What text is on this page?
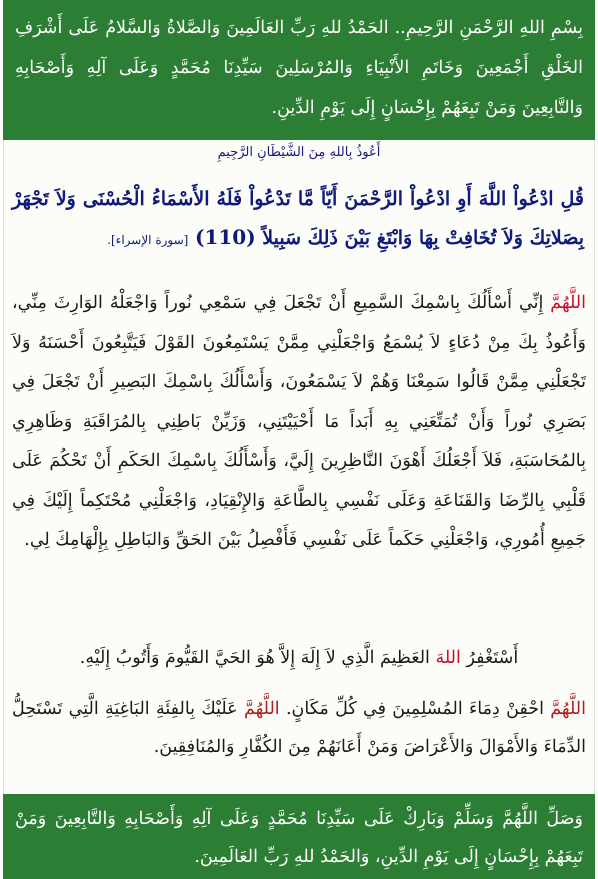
بِسْمِ اللهِ الرَّحْمَنِ الرَّحِيمِ.. الحَمْدُ للهِ رَبِّ العَالَمِينَ وَالصَّلاةُ وَالسَّلامُ عَلَى أَشْرَفِ الخَلْقِ أَجْمَعِينَ وَخَاتَمِ الأَنْبِيَاءِ وَالمُرْسَلِينَ سَيِّدِنَا مُحَمَّدٍ وَعَلَى آلِهِ وَأَصْحَابِهِ وَالتَّابِعِينَ وَمَنْ تَبِعَهُمْ بِإِحْسَانٍ إِلَى يَوْمِ الدِّينِ.

أَعُوذُ بِاللهِ مِنَ الشَّيْطَانِ الرَّجِيمِ
قُلِ ادْعُواْ اللَّهَ أَوِ ادْعُواْ الرَّحْمَنَ أَيّاً مَّا تَدْعُواْ فَلَهُ الأَسْمَاءُ الْحُسْنَى وَلاَ تَجْهَرْ بِصَلاتِكَ وَلاَ تُخَافِتْ بِهَا وَابْتَغِ بَيْنَ ذَلِكَ سَبِيلاً (110) [سورة الإسراء].
اللَّهُمَّ إِنِّي أَسْأَلُكَ بِاسْمِكَ السَّمِيعِ أَنْ تَجْعَلَ فِي سَمْعِي نُوراً وَاجْعَلْهُ الوَارِثَ مِنِّي، وَأَعُوذُ بِكَ مِنْ دُعَاءٍ لاَ يُسْمَعُ وَاجْعَلْنِي مِمَّنْ يَسْتَمِعُونَ القَوْلَ فَيَتَّبِعُونَ أَحْسَنَهُ وَلاَ تَجْعَلْنِي مِمَّنْ قَالُوا سَمِعْنَا وَهُمْ لاَ يَسْمَعُونَ، وَأَسْأَلُكَ بِاسْمِكَ البَصِيرِ أَنْ تَجْعَلَ فِي بَصَرِي نُوراً وَأَنْ تُمَتِّعَنِي بِهِ أَبَداً مَا أَحْيَيْتَنِي، وَزَيِّنْ بَاطِنِي بِالمُرَاقَبَةِ وَظَاهِرِي بِالمُحَاسَبَةِ، فَلاَ أَجْعَلُكَ أَهْوَنَ النَّاظِرِينَ إِلَيَّ، وَأَسْأَلُكَ بِاسْمِكَ الحَكَمِ أَنْ تَحْكُمَ عَلَى قَلْبِي بِالرِّضَا وَالقَنَاعَةِ وَعَلَى نَفْسِي بِالطَّاعَةِ وَالإِنْقِيَادِ، وَاجْعَلْنِي مُحْتَكِماً إِلَيْكَ فِي جَمِيعِ أُمُورِي، وَاجْعَلْنِي حَكَماً عَلَى نَفْسِي فَأَفْصِلُ بَيْنَ الحَقِّ وَالبَاطِلِ بِإِلْهَامِكَ لِي.
أَسْتَغْفِرُ اللهَ العَظِيمَ الَّذِي لاَ إِلَهَ إِلاَّ هُوَ الحَيَّ القَيُّومَ وَأَتُوبُ إِلَيْهِ.
اللَّهُمَّ احْقِنْ دِمَاءَ المُسْلِمِينَ فِي كُلِّ مَكَانٍ. اللَّهُمَّ عَلَيْكَ بِالفِئَةِ البَاغِيَةِ الَّتِي تَسْتَحِلُّ الدِّمَاءَ وَالأَمْوَالَ وَالأَعْرَاضَ وَمَنْ أَعَانَهُمْ مِنَ الكُفَّارِ وَالمُنَافِقِينَ.

وَصَلِّ اللَّهُمَّ وَسَلِّمْ وَبَارِكْ عَلَى سَيِّدِنَا مُحَمَّدٍ وَعَلَى آلِهِ وَأَصْحَابِهِ وَالتَّابِعِينَ وَمَنْ تَبِعَهُمْ بِإِحْسَانٍ إِلَى يَوْمِ الدِّينِ، وَالحَمْدُ للهِ رَبِّ العَالَمِينَ.
